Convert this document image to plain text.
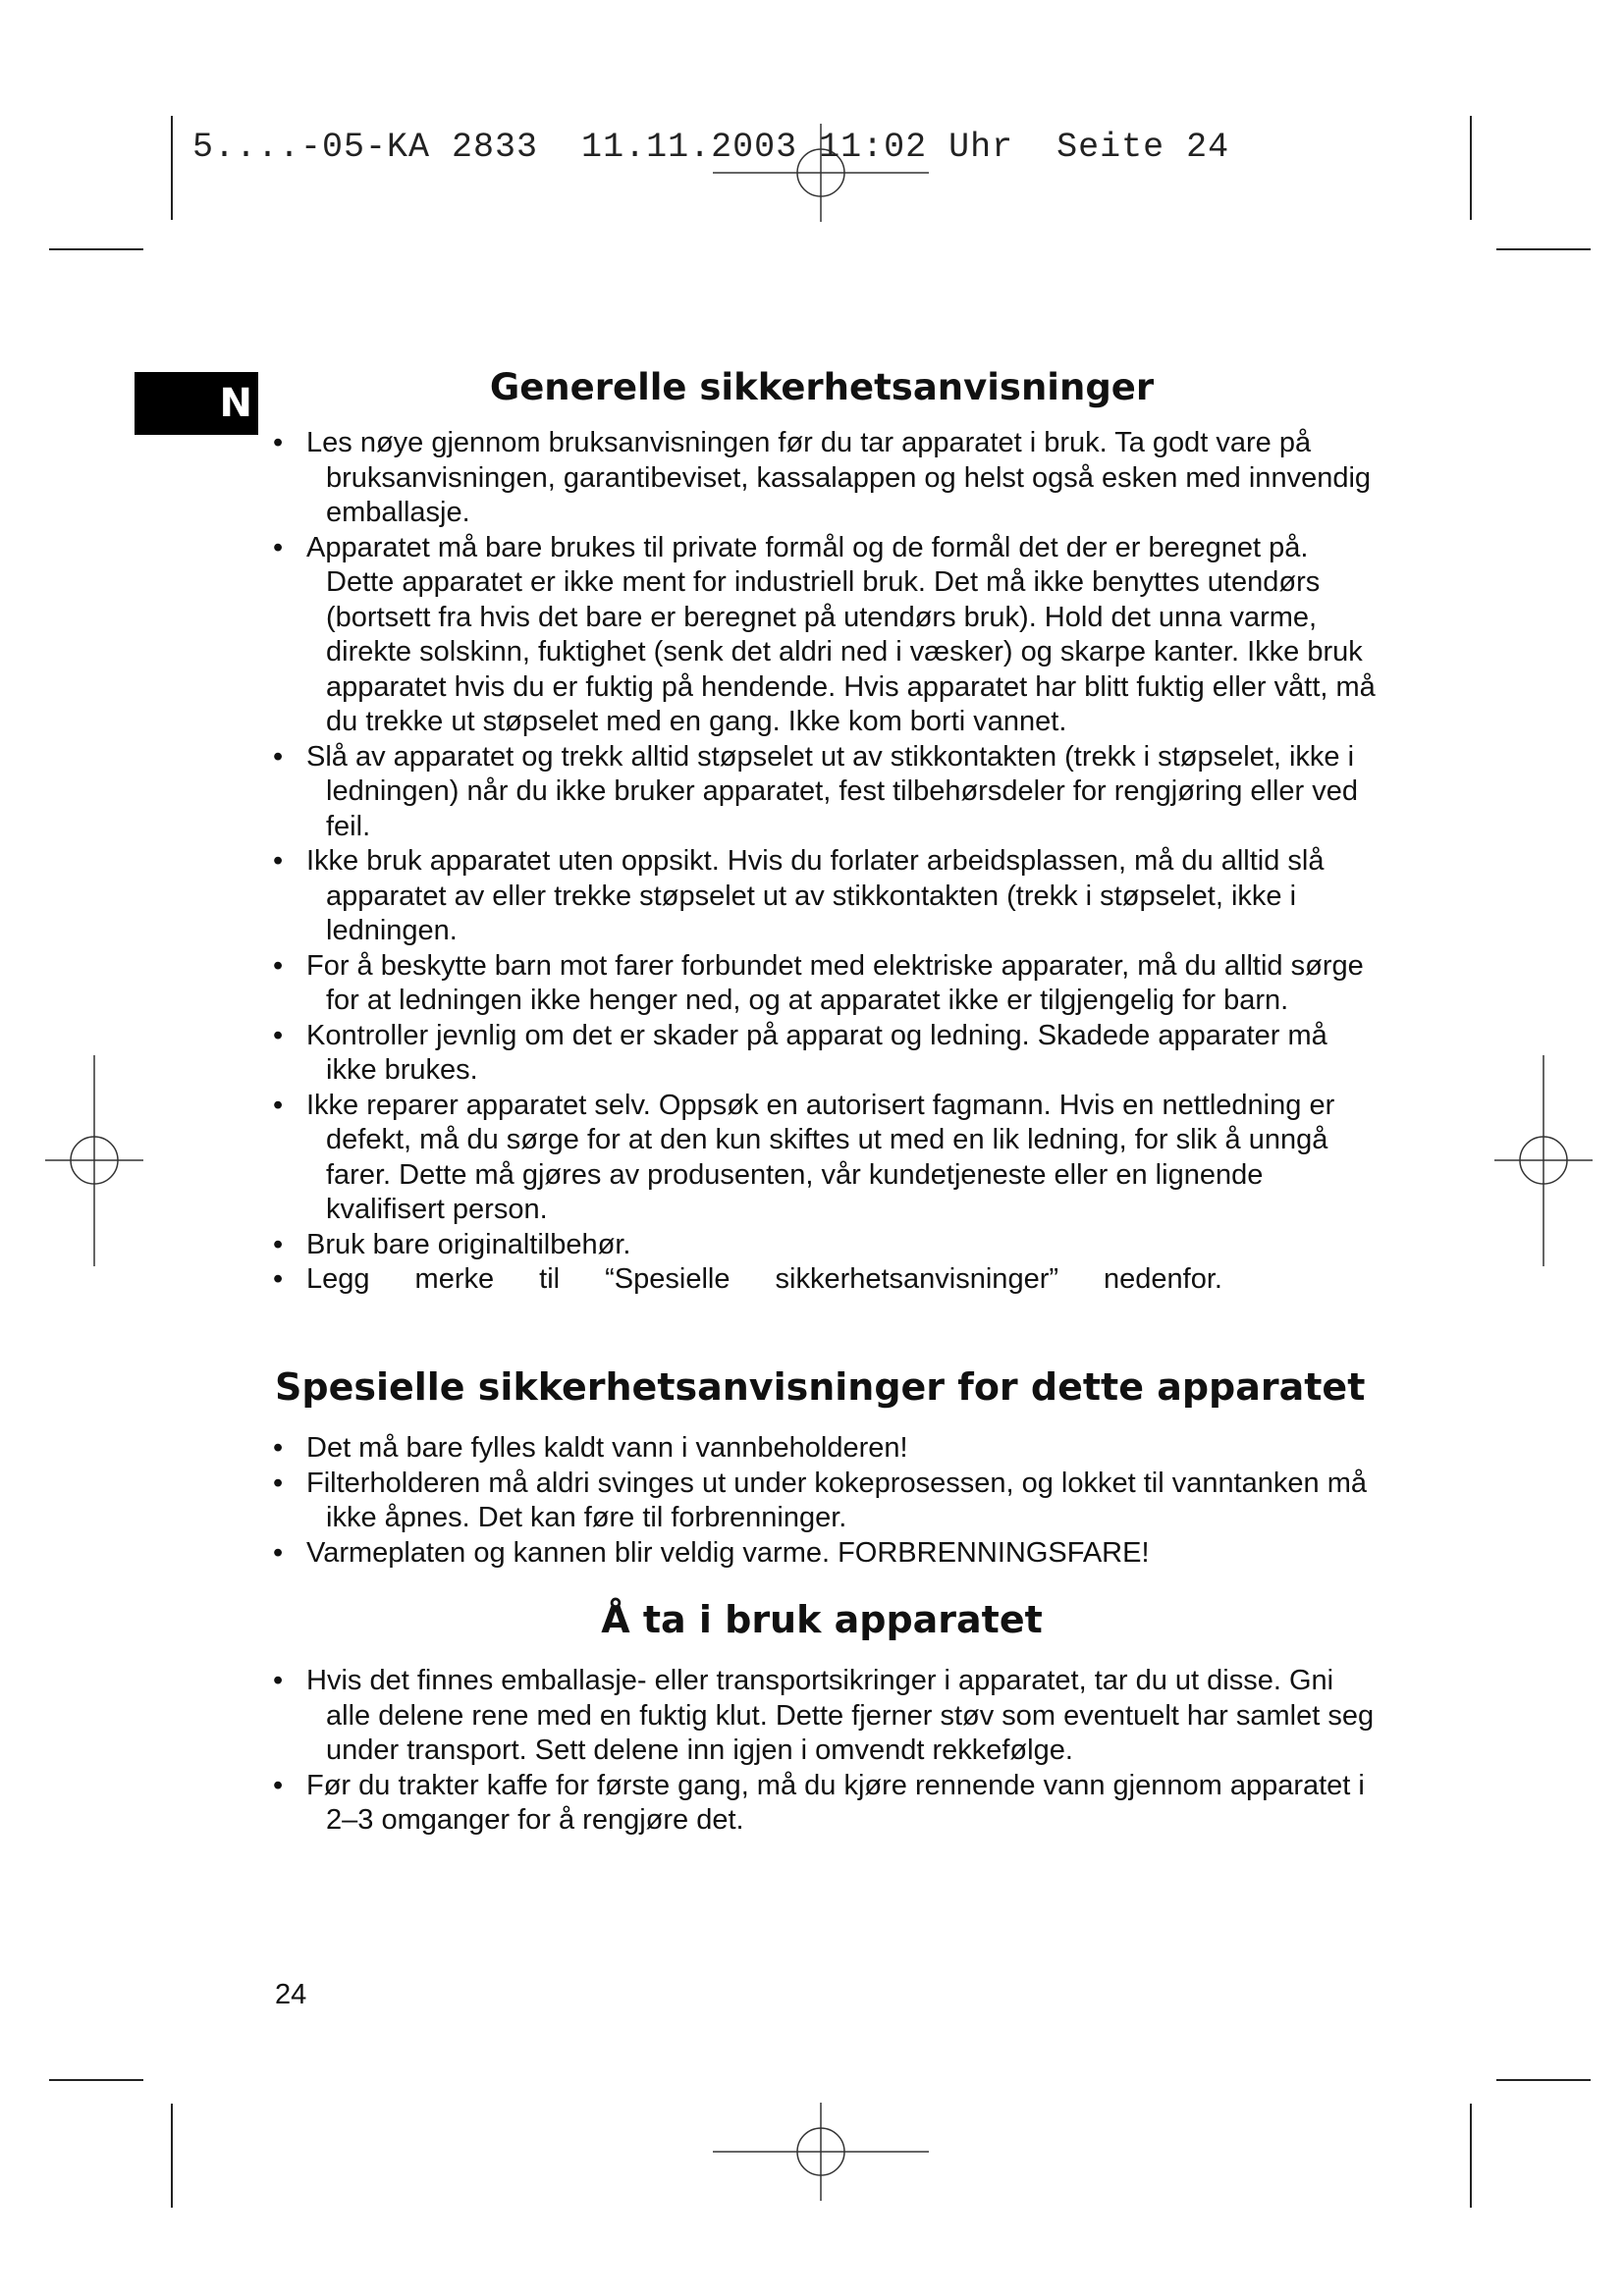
5....-05-KA 2833  11.11.2003 11:02 Uhr  Seite 24
N	Generelle sikkerhetsanvisninger
• Les nøye gjennom bruksanvisningen før du tar apparatet i bruk. Ta godt vare på bruksanvisningen, garantibeviset, kassalappen og helst også esken med innvendig emballasje.
• Apparatet må bare brukes til private formål og de formål det der er beregnet på. Dette apparatet er ikke ment for industriell bruk. Det må ikke benyttes utendørs (bortsett fra hvis det bare er beregnet på utendørs bruk). Hold det unna varme, direkte solskinn, fuktighet (senk det aldri ned i væsker) og skarpe kanter. Ikke bruk apparatet hvis du er fuktig på hendende. Hvis apparatet har blitt fuktig eller vått, må du trekke ut støpselet med en gang. Ikke kom borti vannet.
• Slå av apparatet og trekk alltid støpselet ut av stikkontakten (trekk i støpselet, ikke i ledningen) når du ikke bruker apparatet, fest tilbehørsdeler for rengjøring eller ved feil.
• Ikke bruk apparatet uten oppsikt. Hvis du forlater arbeidsplassen, må du alltid slå apparatet av eller trekke støpselet ut av stikkontakten (trekk i støpselet, ikke i ledningen.
• For å beskytte barn mot farer forbundet med elektriske apparater, må du alltid sørge for at ledningen ikke henger ned, og at apparatet ikke er tilgjengelig for barn.
• Kontroller jevnlig om det er skader på apparat og ledning. Skadede apparater må ikke brukes.
• Ikke reparer apparatet selv. Oppsøk en autorisert fagmann. Hvis en nettledning er defekt, må du sørge for at den kun skiftes ut med en lik ledning, for slik å unngå farer. Dette må gjøres av produsenten, vår kundetjeneste eller en lignende kvalifisert person.
• Bruk bare originaltilbehør.
• Legg merke til “Spesielle sikkerhetsanvisninger” nedenfor.
Spesielle sikkerhetsanvisninger for dette apparatet
• Det må bare fylles kaldt vann i vannbeholderen!
• Filterholderen må aldri svinges ut under kokeprosessen, og lokket til vanntanken må ikke åpnes. Det kan føre til forbrenninger.
• Varmeplaten og kannen blir veldig varme. FORBRENNINGSFARE!
Å ta i bruk apparatet
• Hvis det finnes emballasje- eller transportsikringer i apparatet, tar du ut disse. Gni alle delene rene med en fuktig klut. Dette fjerner støv som eventuelt har samlet seg under transport. Sett delene inn igjen i omvendt rekkefølge.
• Før du trakter kaffe for første gang, må du kjøre rennende vann gjennom apparatet i 2–3 omganger for å rengjøre det.
24
